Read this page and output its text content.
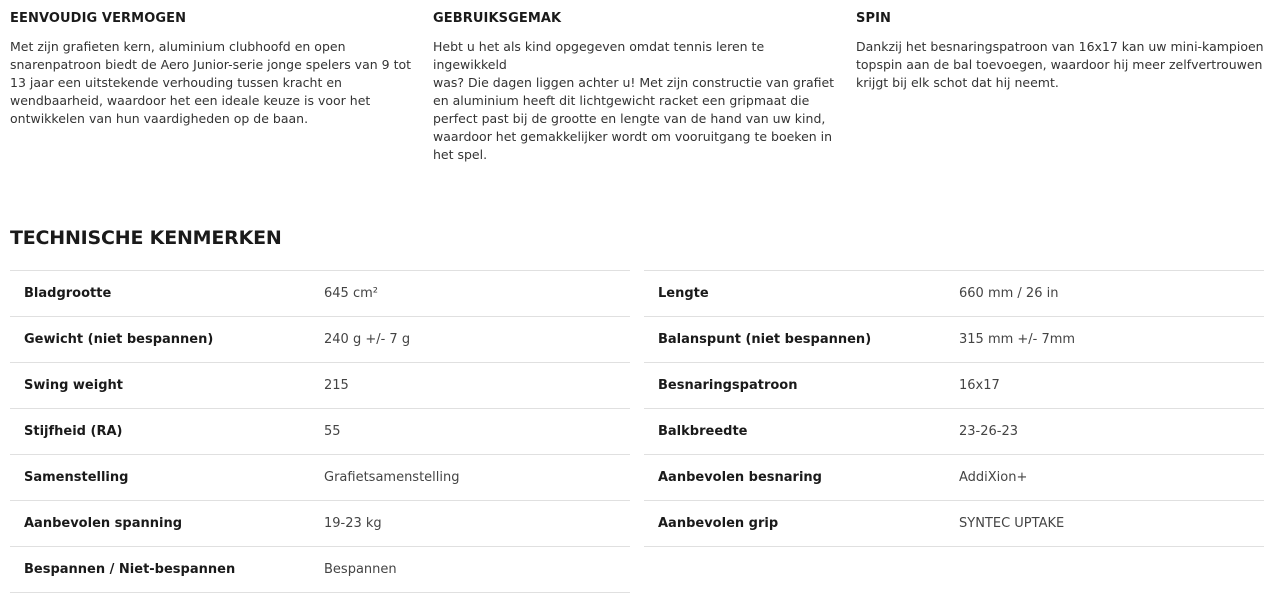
EENVOUDIG VERMOGEN

Met zijn grafieten kern, aluminium clubhoofd en open
snarenpatroon biedt de Aero Junior-serie jonge spelers van 9 tot
13 jaar een uitstekende verhouding tussen kracht en
wendbaarheid, waardoor het een ideale keuze is voor het
ontwikkelen van hun vaardigheden op de baan.

GEBRUIKSGEMAK

Hebt u het als kind opgegeven omdat tennis leren te ingewikkeld
was? Die dagen liggen achter u! Met zijn constructie van grafiet
en aluminium heeft dit lichtgewicht racket een gripmaat die
perfect past bij de grootte en lengte van de hand van uw kind,
waardoor het gemakkelijker wordt om vooruitgang te boeken in
het spel.

SPIN

Dankzij het besnaringspatroon van 16x17 kan uw mini-kampioen
topspin aan de bal toevoegen, waardoor hij meer zelfvertrouwen
krijgt bij elk schot dat hij neemt.

TECHNISCHE KENMERKEN
Bladgrootte	645 cm²
Gewicht (niet bespannen)	240 g +/- 7 g
Swing weight	215
Stijfheid (RA)	55
Samenstelling	Grafietsamenstelling
Aanbevolen spanning	19-23 kg
Bespannen / Niet-bespannen	Bespannen
Lengte	660 mm / 26 in
Balanspunt (niet bespannen)	315 mm +/- 7mm
Besnaringspatroon	16x17
Balkbreedte	23-26-23
Aanbevolen besnaring	AddiXion+
Aanbevolen grip	SYNTEC UPTAKE
